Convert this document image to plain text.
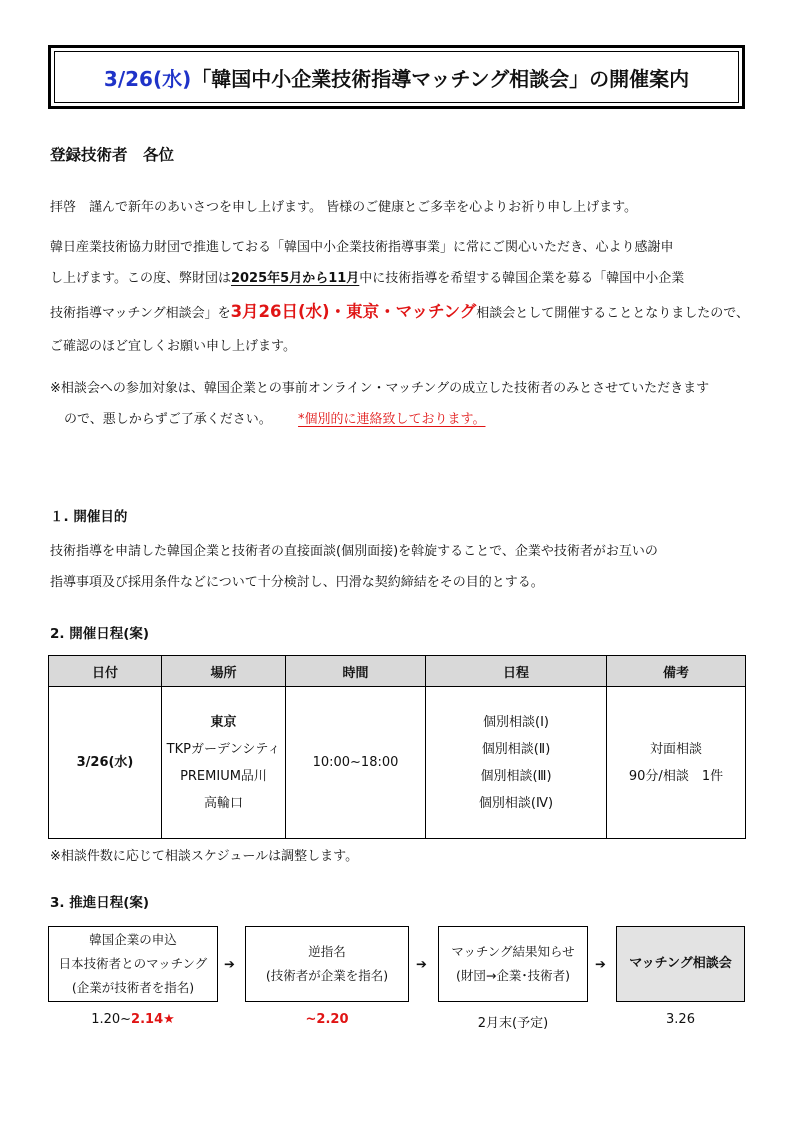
3/26(水) 「韓国中小企業技術指導マッチング相談会」の開催案内
登録技術者　各位
拝啓　謹んで新年のあいさつを申し上げます。 皆様のご健康とご多幸を心よりお祈り申し上げます。
韓日産業技術協力財団で推進しておる「韓国中小企業技術指導事業」に常にご関心いただき、心より感謝申
し上げます。この度、弊財団は2025年5月から11月中に技術指導を希望する韓国企業を募る「韓国中小企業
技術指導マッチング相談会」を3月26日(水)・東京・マッチング相談会として開催することとなりましたので、
ご確認のほど宜しくお願い申し上げます。
※相談会への参加対象は、韓国企業との事前オンライン・マッチングの成立した技術者のみとさせていただきます
ので、悪しからずご了承ください。 *個別的に連絡致しております。
１. 開催目的
技術指導を申請した韓国企業と技術者の直接面談(個別面接)を斡旋することで、企業や技術者がお互いの
指導事項及び採用条件などについて十分検討し、円滑な契約締結をその目的とする。
2. 開催日程(案)
日付	場所	時間	日程	備考
3/26(水)	東京
TKPガーデンシティ
PREMIUM品川
高輪口	10:00~18:00	個別相談(Ⅰ)
個別相談(Ⅱ)
個別相談(Ⅲ)
個別相談(Ⅳ)	対面相談
90分/相談　1件
※相談件数に応じて相談スケジュールは調整します。
3. 推進日程(案)
韓国企業の申込
日本技術者とのマッチング
(企業が技術者を指名)
➔
逆指名
(技術者が企業を指名)
➔
マッチング結果知らせ
(財団→企業･技術者)
➔ マッチング相談会
1.20~2.14★	~2.20	2月末(予定)	3.26
